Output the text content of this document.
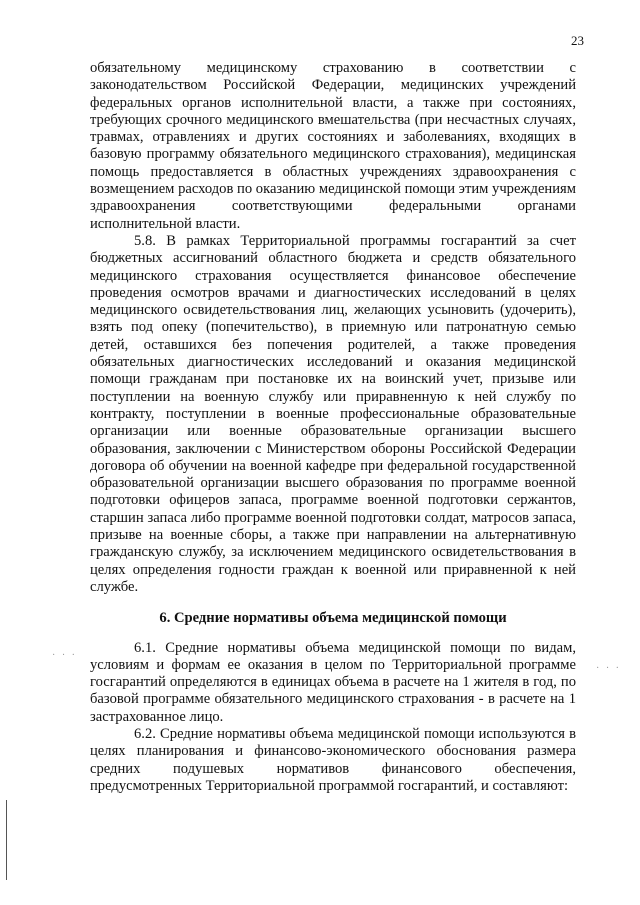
23

обязательному медицинскому страхованию в соответствии с законодательством Российской Федерации, медицинских учреждений федеральных органов исполнительной власти, а также при состояниях, требующих срочного медицинского вмешательства (при несчастных случаях, травмах, отравлениях и других состояниях и заболеваниях, входящих в базовую программу обязательного медицинского страхования), медицинская помощь предоставляется в областных учреждениях здравоохранения с возмещением расходов по оказанию медицинской помощи этим учреждениям здравоохранения соответствующими федеральными органами исполнительной власти.

5.8. В рамках Территориальной программы госгарантий за счет бюджетных ассигнований областного бюджета и средств обязательного медицинского страхования осуществляется финансовое обеспечение проведения осмотров врачами и диагностических исследований в целях медицинского освидетельствования лиц, желающих усыновить (удочерить), взять под опеку (попечительство), в приемную или патронатную семью детей, оставшихся без попечения родителей, а также проведения обязательных диагностических исследований и оказания медицинской помощи гражданам при постановке их на воинский учет, призыве или поступлении на военную службу или приравненную к ней службу по контракту, поступлении в военные профессиональные образовательные организации или военные образовательные организации высшего образования, заключении с Министерством обороны Российской Федерации договора об обучении на военной кафедре при федеральной государственной образовательной организации высшего образования по программе военной подготовки офицеров запаса, программе военной подготовки сержантов, старшин запаса либо программе военной подготовки солдат, матросов запаса, призыве на военные сборы, а также при направлении на альтернативную гражданскую службу, за исключением медицинского освидетельствования в целях определения годности граждан к военной или приравненной к ней службе.

6. Средние нормативы объема медицинской помощи

6.1. Средние нормативы объема медицинской помощи по видам, условиям и формам ее оказания в целом по Территориальной программе госгарантий определяются в единицах объема в расчете на 1 жителя в год, по базовой программе обязательного медицинского страхования - в расчете на 1 застрахованное лицо.

6.2. Средние нормативы объема медицинской помощи используются в целях планирования и финансово-экономического обоснования размера средних подушевых нормативов финансового обеспечения, предусмотренных Территориальной программой госгарантий, и составляют:

· · ·
· · ·
